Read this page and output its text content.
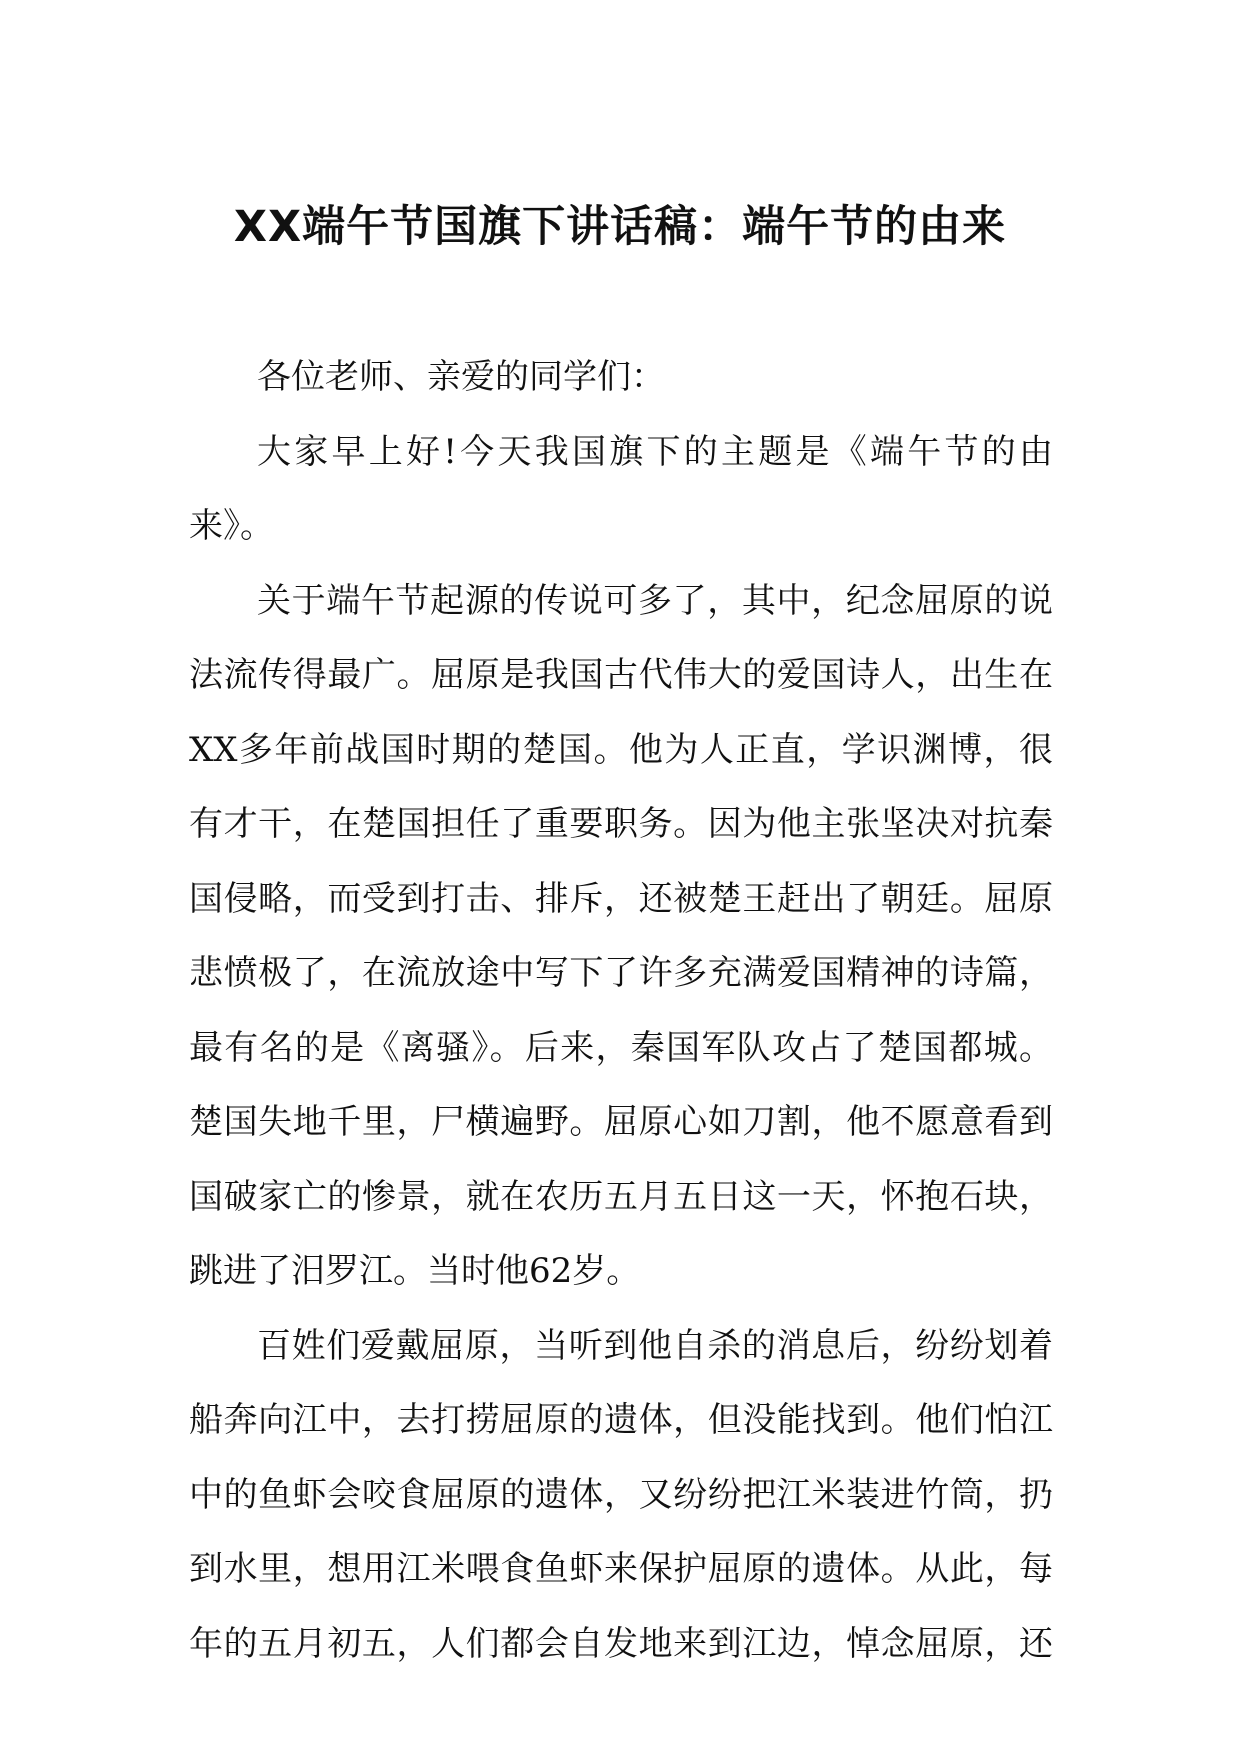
XX端午节国旗下讲话稿：端午节的由来

各位老师、亲爱的同学们：

大家早上好!今天我国旗下的主题是《端午节的由来》。

关于端午节起源的传说可多了，其中，纪念屈原的说法流传得最广。屈原是我国古代伟大的爱国诗人，出生在XX多年前战国时期的楚国。他为人正直，学识渊博，很有才干，在楚国担任了重要职务。因为他主张坚决对抗秦国侵略，而受到打击、排斥，还被楚王赶出了朝廷。屈原悲愤极了，在流放途中写下了许多充满爱国精神的诗篇，最有名的是《离骚》。后来，秦国军队攻占了楚国都城。楚国失地千里，尸横遍野。屈原心如刀割，他不愿意看到国破家亡的惨景，就在农历五月五日这一天，怀抱石块，跳进了汨罗江。当时他62岁。

百姓们爱戴屈原，当听到他自杀的消息后，纷纷划着船奔向江中，去打捞屈原的遗体，但没能找到。他们怕江中的鱼虾会咬食屈原的遗体，又纷纷把江米装进竹筒，扔到水里，想用江米喂食鱼虾来保护屈原的遗体。从此，每年的五月初五，人们都会自发地来到江边，悼念屈原，还
